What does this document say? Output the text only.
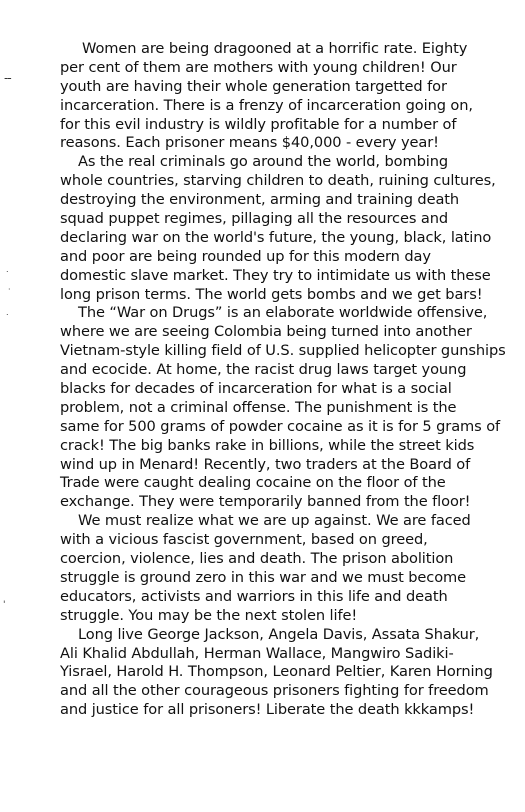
--
.
·
.
'
Women are being dragooned at a horrific rate. Eighty
per cent of them are mothers with young children! Our
youth are having their whole generation targetted for
incarceration. There is a frenzy of incarceration going on,
for this evil industry is wildly profitable for a number of
reasons. Each prisoner means $40,000 - every year!
As the real criminals go around the world, bombing
whole countries, starving children to death, ruining cultures,
destroying the environment, arming and training death
squad puppet regimes, pillaging all the resources and
declaring war on the world's future, the young, black, latino
and poor are being rounded up for this modern day
domestic slave market. They try to intimidate us with these
long prison terms. The world gets bombs and we get bars!
The “War on Drugs” is an elaborate worldwide offensive,
where we are seeing Colombia being turned into another
Vietnam-style killing field of U.S. supplied helicopter gunships
and ecocide. At home, the racist drug laws target young
blacks for decades of incarceration for what is a social
problem, not a criminal offense. The punishment is the
same for 500 grams of powder cocaine as it is for 5 grams of
crack! The big banks rake in billions, while the street kids
wind up in Menard! Recently, two traders at the Board of
Trade were caught dealing cocaine on the floor of the
exchange. They were temporarily banned from the floor!
We must realize what we are up against. We are faced
with a vicious fascist government, based on greed,
coercion, violence, lies and death. The prison abolition
struggle is ground zero in this war and we must become
educators, activists and warriors in this life and death
struggle. You may be the next stolen life!
Long live George Jackson, Angela Davis, Assata Shakur,
Ali Khalid Abdullah, Herman Wallace, Mangwiro Sadiki-
Yisrael, Harold H. Thompson, Leonard Peltier, Karen Horning
and all the other courageous prisoners fighting for freedom
and justice for all prisoners! Liberate the death kkkamps!
